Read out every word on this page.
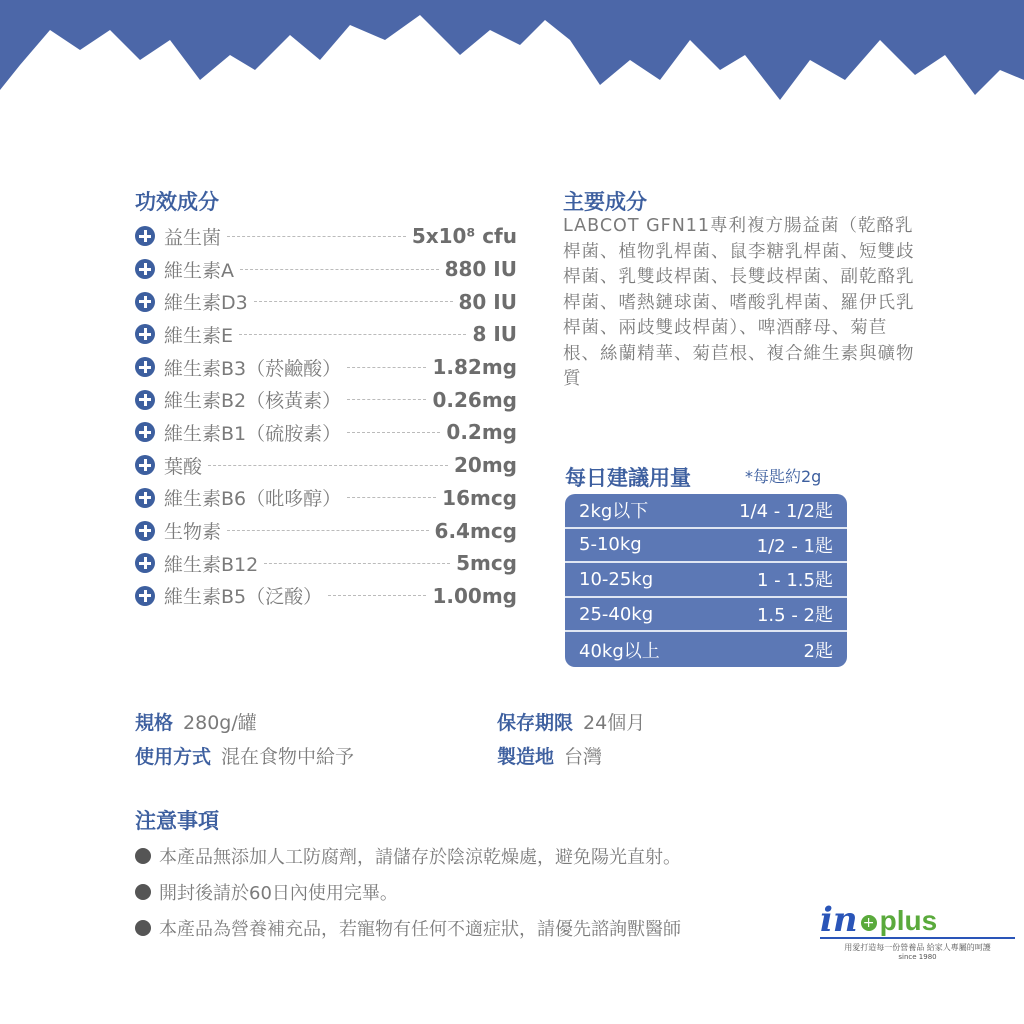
功效成分
益生菌	5x10⁸ cfu
維生素A	880 IU
維生素D3	80 IU
維生素E	8 IU
維生素B3（菸鹼酸）	1.82mg
維生素B2（核黃素）	0.26mg
維生素B1（硫胺素）	0.2mg
葉酸	20mg
維生素B6（吡哆醇）	16mcg
生物素	6.4mcg
維生素B12	5mcg
維生素B5（泛酸）	1.00mg
主要成分
LABCOT GFN11專利複方腸益菌（乾酪乳桿菌、植物乳桿菌、鼠李糖乳桿菌、短雙歧桿菌、乳雙歧桿菌、長雙歧桿菌、副乾酪乳桿菌、嗜熱鏈球菌、嗜酸乳桿菌、羅伊氏乳桿菌、兩歧雙歧桿菌）、啤酒酵母、菊苣根、絲蘭精華、菊苣根、複合維生素與礦物質
每日建議用量	*每匙約2g
2kg以下	1/4 - 1/2匙
5-10kg	1/2 - 1匙
10-25kg	1 - 1.5匙
25-40kg	1.5 - 2匙
40kg以上	2匙
規格 280g/罐
使用方式 混在食物中給予
保存期限 24個月
製造地 台灣
注意事項
本產品無添加人工防腐劑，請儲存於陰涼乾燥處，避免陽光直射。
開封後請於60日內使用完畢。
本產品為營養補充品，若寵物有任何不適症狀，請優先諮詢獸醫師	in + plus
用愛打造每一份營養品 給家人專屬的呵護
since 1980
